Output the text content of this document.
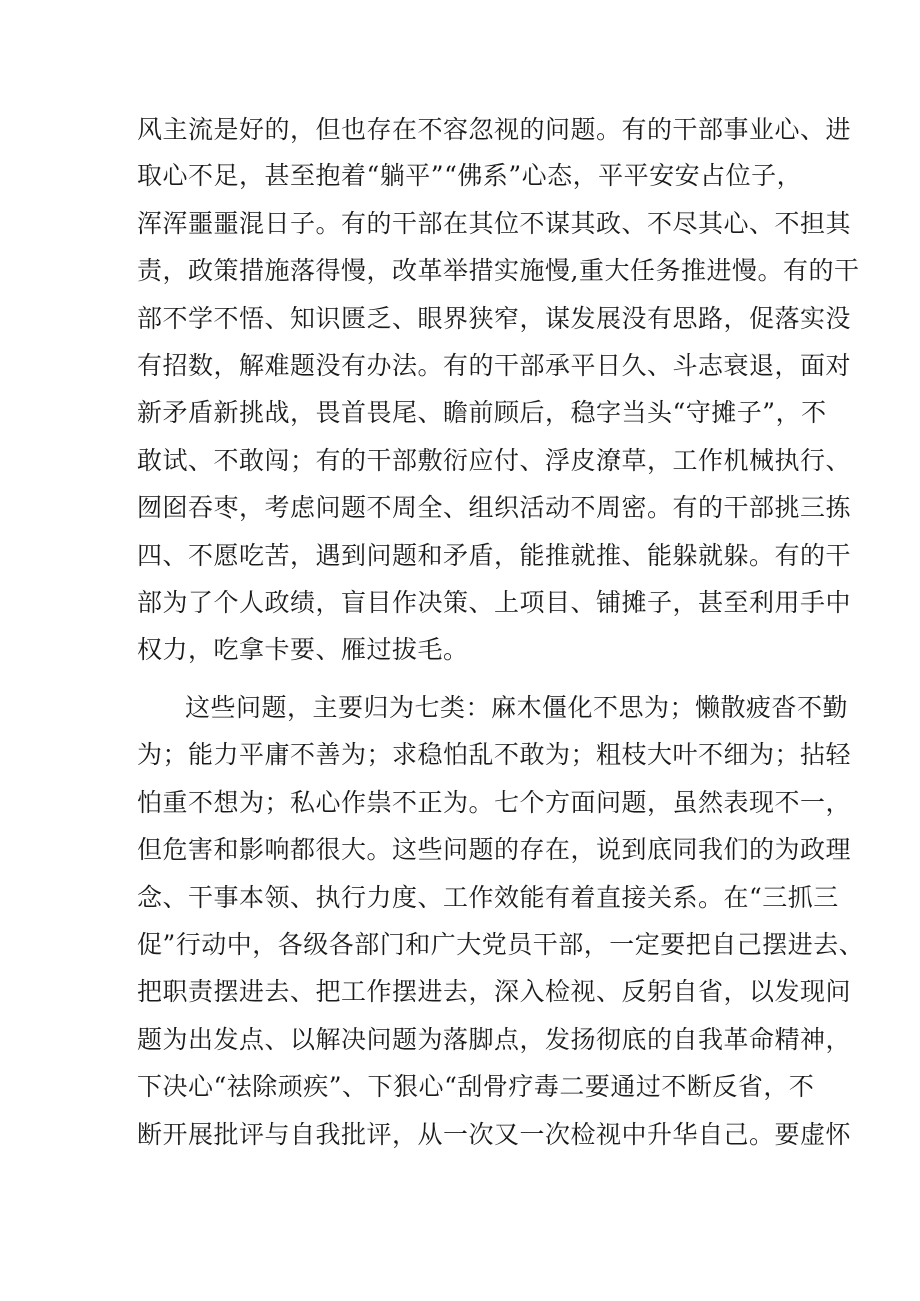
风主流是好的，但也存在不容忽视的问题。有的干部事业心、进
取心不足，甚至抱着“躺平”“佛系”心态，平平安安占位子，
浑浑噩噩混日子。有的干部在其位不谋其政、不尽其心、不担其
责，政策措施落得慢，改革举措实施慢,重大任务推进慢。有的干
部不学不悟、知识匮乏、眼界狭窄，谋发展没有思路，促落实没
有招数，解难题没有办法。有的干部承平日久、斗志衰退，面对
新矛盾新挑战，畏首畏尾、瞻前顾后，稳字当头“守摊子”，不
敢试、不敢闯；有的干部敷衍应付、浮皮潦草，工作机械执行、
囫囵吞枣，考虑问题不周全、组织活动不周密。有的干部挑三拣
四、不愿吃苦，遇到问题和矛盾，能推就推、能躲就躲。有的干
部为了个人政绩，盲目作决策、上项目、铺摊子，甚至利用手中
权力，吃拿卡要、雁过拔毛。
这些问题，主要归为七类：麻木僵化不思为；懒散疲沓不勤
为；能力平庸不善为；求稳怕乱不敢为；粗枝大叶不细为；拈轻
怕重不想为；私心作祟不正为。七个方面问题，虽然表现不一，
但危害和影响都很大。这些问题的存在，说到底同我们的为政理
念、干事本领、执行力度、工作效能有着直接关系。在“三抓三
促”行动中，各级各部门和广大党员干部，一定要把自己摆进去、
把职责摆进去、把工作摆进去，深入检视、反躬自省，以发现问
题为出发点、以解决问题为落脚点，发扬彻底的自我革命精神，
下决心“祛除顽疾”、下狠心“刮骨疗毒二要通过不断反省，不
断开展批评与自我批评，从一次又一次检视中升华自己。要虚怀
